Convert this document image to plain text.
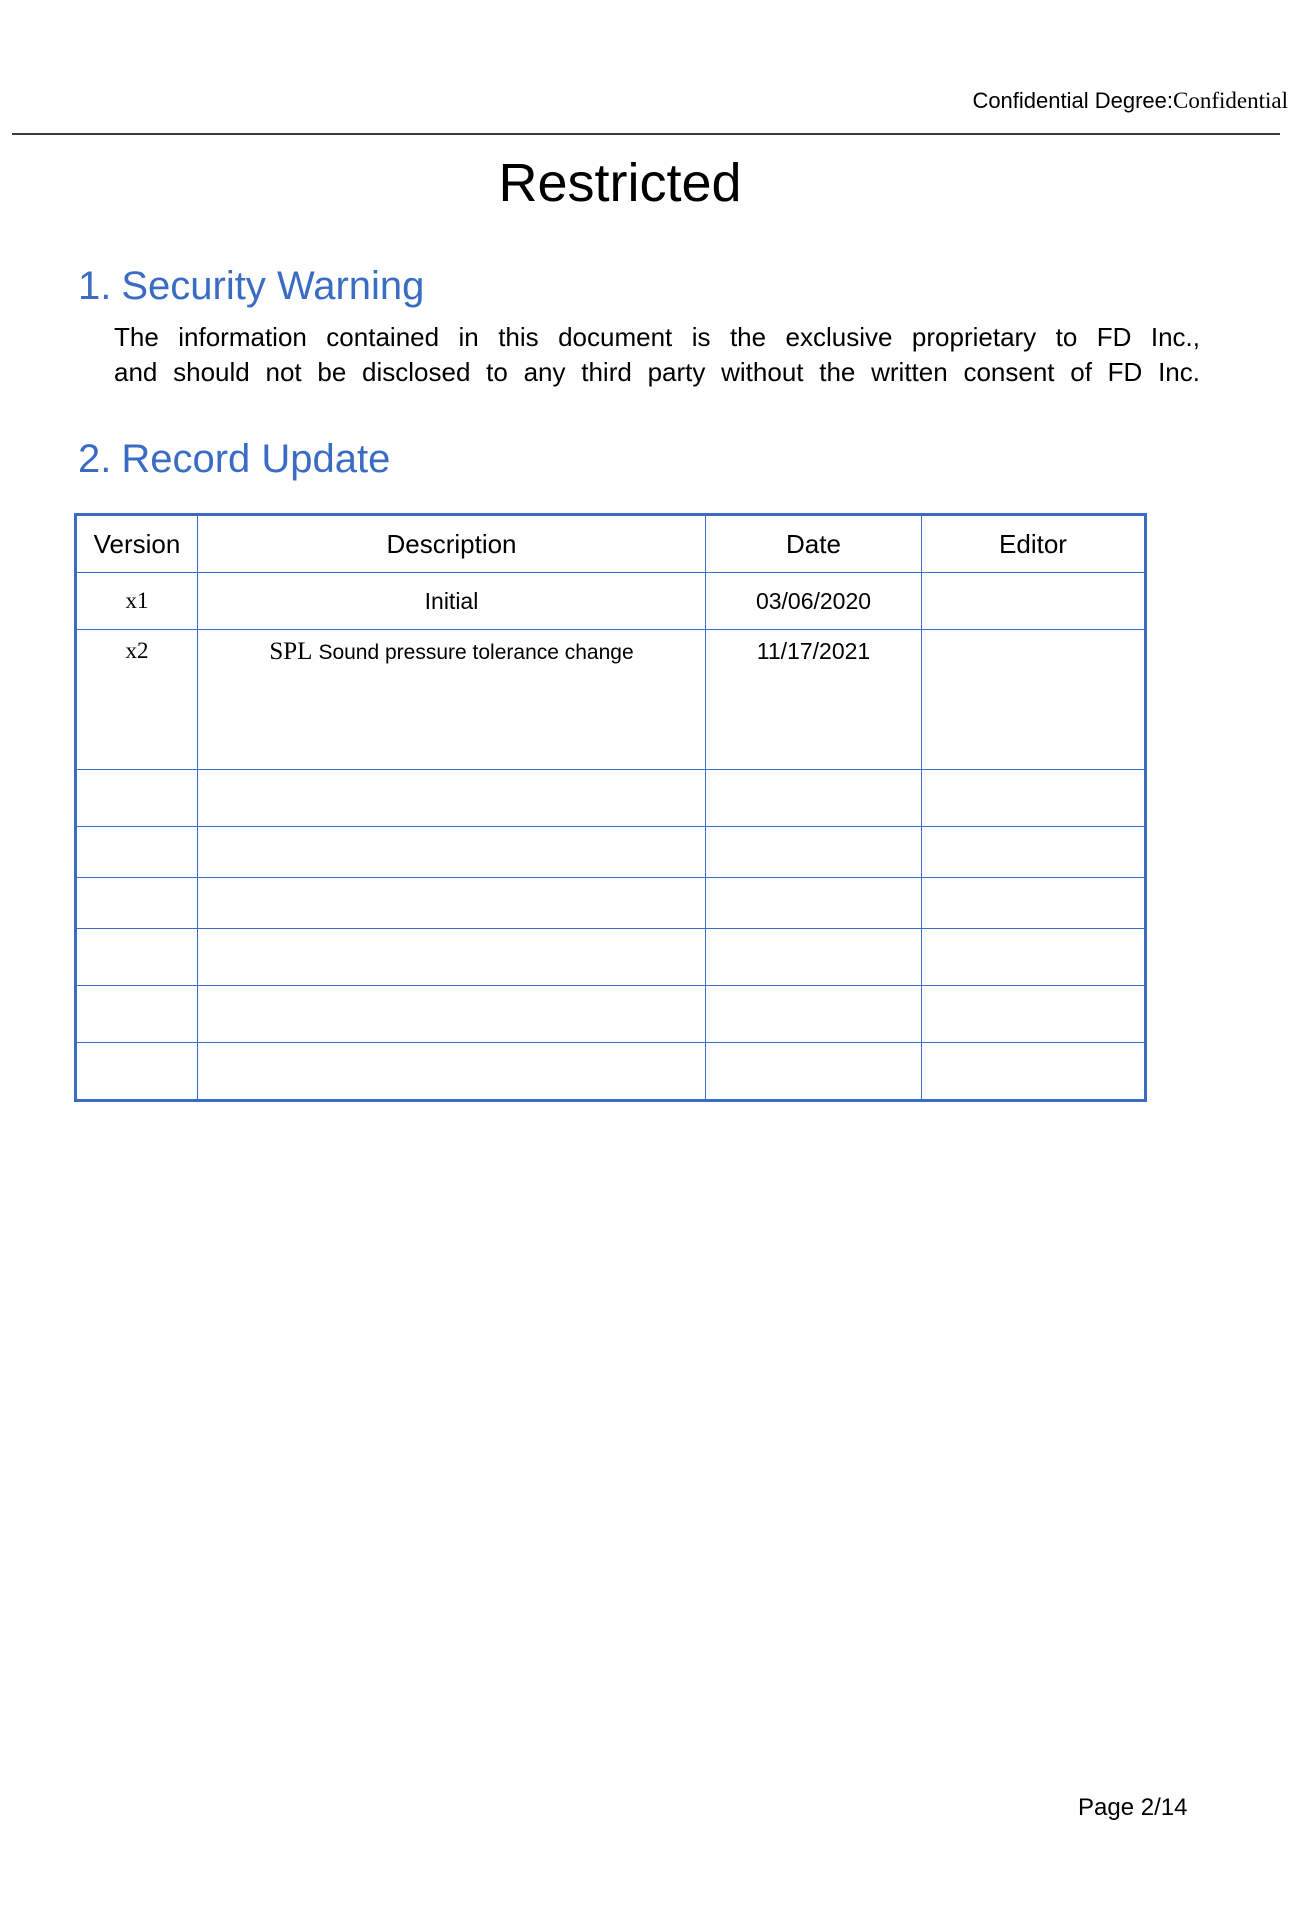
Confidential Degree:Confidential
Restricted
1. Security Warning
The information contained in this document is the exclusive proprietary to FD Inc.,
and should not be disclosed to any third party without the written consent of FD Inc.
2. Record Update
Version	Description	Date	Editor
x1	Initial	03/06/2020	
x2	SPL Sound pressure tolerance change	11/17/2021	

Page 2/14
